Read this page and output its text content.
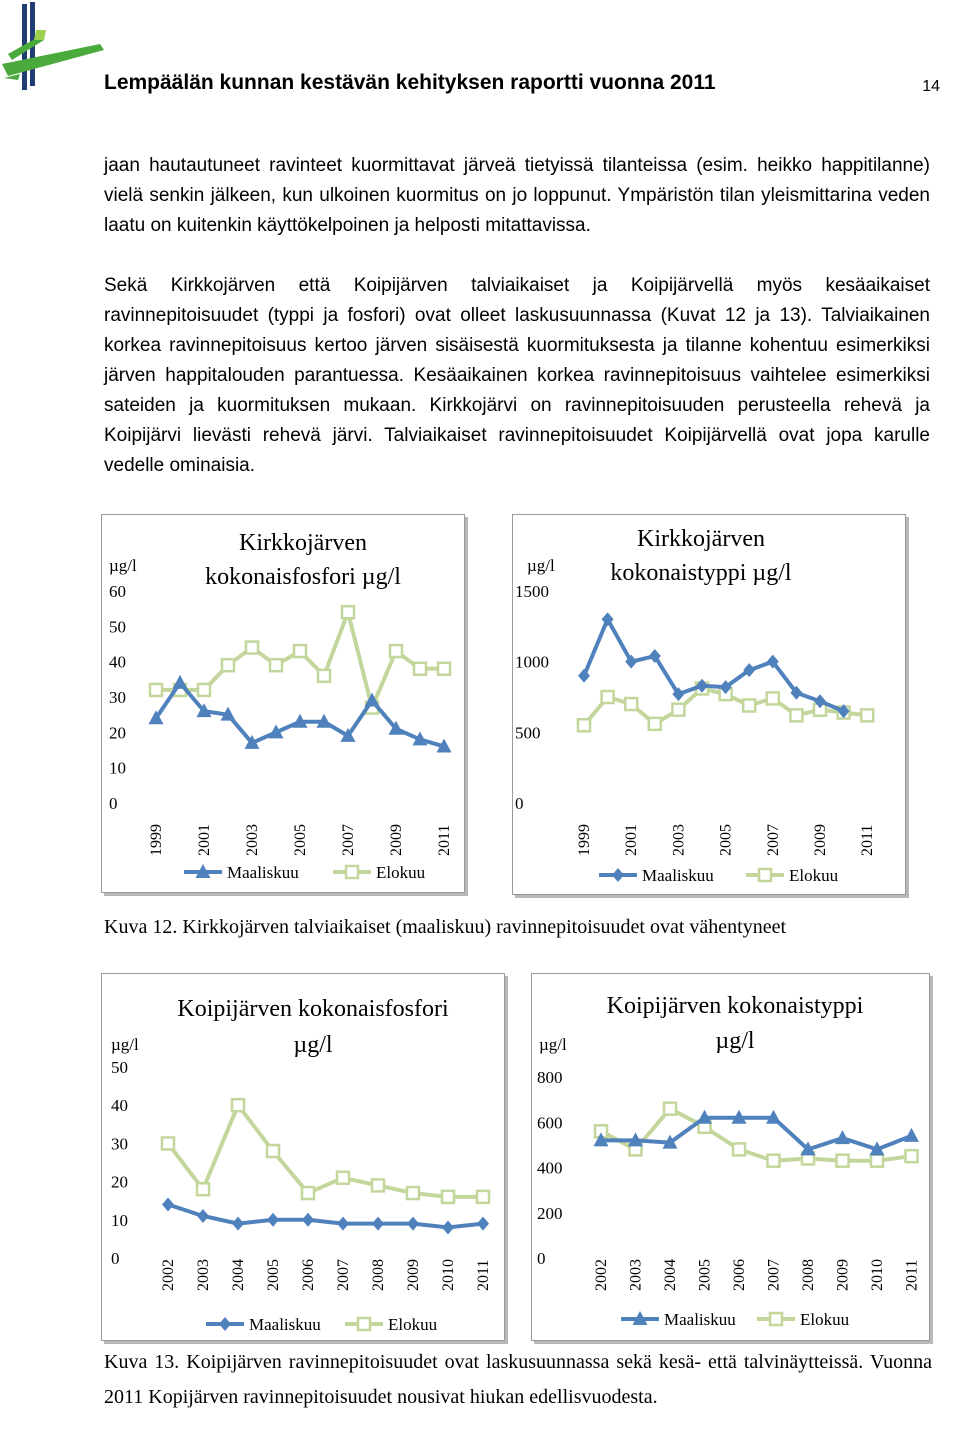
Lempäälän kunnan kestävän kehityksen raportti vuonna 2011	14

jaan hautautuneet ravinteet kuormittavat järveä tietyissä tilanteissa (esim. heikko happitilanne) vielä senkin jälkeen, kun ulkoinen kuormitus on jo loppunut. Ympäristön tilan yleismittarina veden laatu on kuitenkin käyttökelpoinen ja helposti mitattavissa.

Sekä Kirkkojärven että Koipijärven talviaikaiset ja Koipijärvellä myös kesäaikaiset ravinnepitoisuudet (typpi ja fosfori) ovat olleet laskusuunnassa (Kuvat 12 ja 13). Talviaikainen korkea ravinnepitoisuus kertoo järven sisäisestä kuormituksesta ja tilanne kohentuu esimerkiksi järven happitalouden parantuessa. Kesäaikainen korkea ravinnepitoisuus vaihtelee esimerkiksi sateiden ja kuormituksen mukaan. Kirkkojärvi on ravinnepitoisuuden perusteella rehevä ja Koipijärvi lievästi rehevä järvi. Talviaikaiset ravinnepitoisuudet Koipijärvellä ovat jopa karulle vedelle ominaisia.

Kirkkojärven
kokonaisfosfori µg/l
µg/l
0
10
20
30
40
50
60
1999 2001 2003 2005 2007 2009 2011
Maaliskuu	Elokuu
Kirkkojärven
kokonaistyppi µg/l
µg/l
0
500
1000
1500
1999 2001 2003 2005 2007 2009 2011
Maaliskuu	Elokuu

Kuva 12. Kirkkojärven talviaikaiset (maaliskuu) ravinnepitoisuudet ovat vähentyneet

Koipijärven kokonaisfosfori
µg/l
µg/l
0
10
20
30
40
50
2002 2003 2004 2005 2006 2007 2008 2009 2010 2011
Maaliskuu	Elokuu
Koipijärven kokonaistyppi
µg/l
µg/l
0
200
400
600
800
2002 2003 2004 2005 2006 2007 2008 2009 2010 2011
Maaliskuu	Elokuu

Kuva 13. Koipijärven ravinnepitoisuudet ovat laskusuunnassa sekä kesä- että talvinäytteissä. Vuonna 2011 Kopijärven ravinnepitoisuudet nousivat hiukan edellisvuodesta.
